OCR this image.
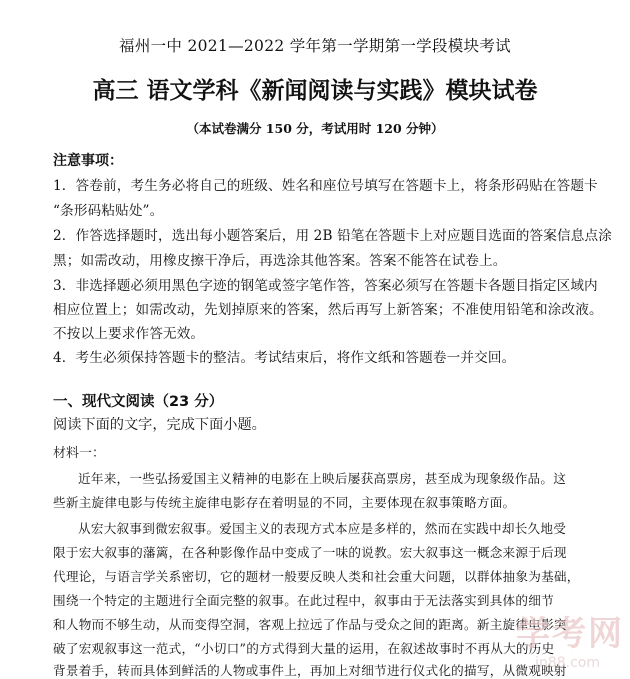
福州一中 2021—2022 学年第一学期第一学段模块考试
高三 语文学科《新闻阅读与实践》模块试卷
（本试卷满分 150 分，考试用时 120 分钟）
注意事项：
1．答卷前，考生务必将自己的班级、姓名和座位号填写在答题卡上，将条形码贴在答题卡
“条形码粘贴处”。
2．作答选择题时，选出每小题答案后，用 2B 铅笔在答题卡上对应题目选面的答案信息点涂
黑；如需改动，用橡皮擦干净后，再选涂其他答案。答案不能答在试卷上。
3．非选择题必须用黑色字迹的钢笔或签字笔作答，答案必须写在答题卡各题目指定区域内
相应位置上；如需改动，先划掉原来的答案，然后再写上新答案；不准使用铅笔和涂改液。
不按以上要求作答无效。
4．考生必须保持答题卡的整洁。考试结束后，将作文纸和答题卷一并交回。
一、现代文阅读（23 分）
阅读下面的文字，完成下面小题。
材料一：
近年来，一些弘扬爱国主义精神的电影在上映后屡获高票房，甚至成为现象级作品。这
些新主旋律电影与传统主旋律电影存在着明显的不同，主要体现在叙事策略方面。
从宏大叙事到微宏叙事。爱国主义的表现方式本应是多样的，然而在实践中却长久地受
限于宏大叙事的藩篱，在各种影像作品中变成了一味的说教。宏大叙事这一概念来源于后现
代理论，与语言学关系密切，它的题材一般要反映人类和社会重大问题，以群体抽象为基础，
围绕一个特定的主题进行全面完整的叙事。在此过程中，叙事由于无法落实到具体的细节
和人物而不够生动，从而变得空洞，客观上拉远了作品与受众之间的距离。新主旋律电影突
破了宏观叙事这一范式，“小切口”的方式得到大量的运用，在叙述故事时不再从大的历史
背景着手，转而具体到鲜活的人物或事件上，再加上对细节进行仪式化的描写，从微观映射
学考网
jn88.com
